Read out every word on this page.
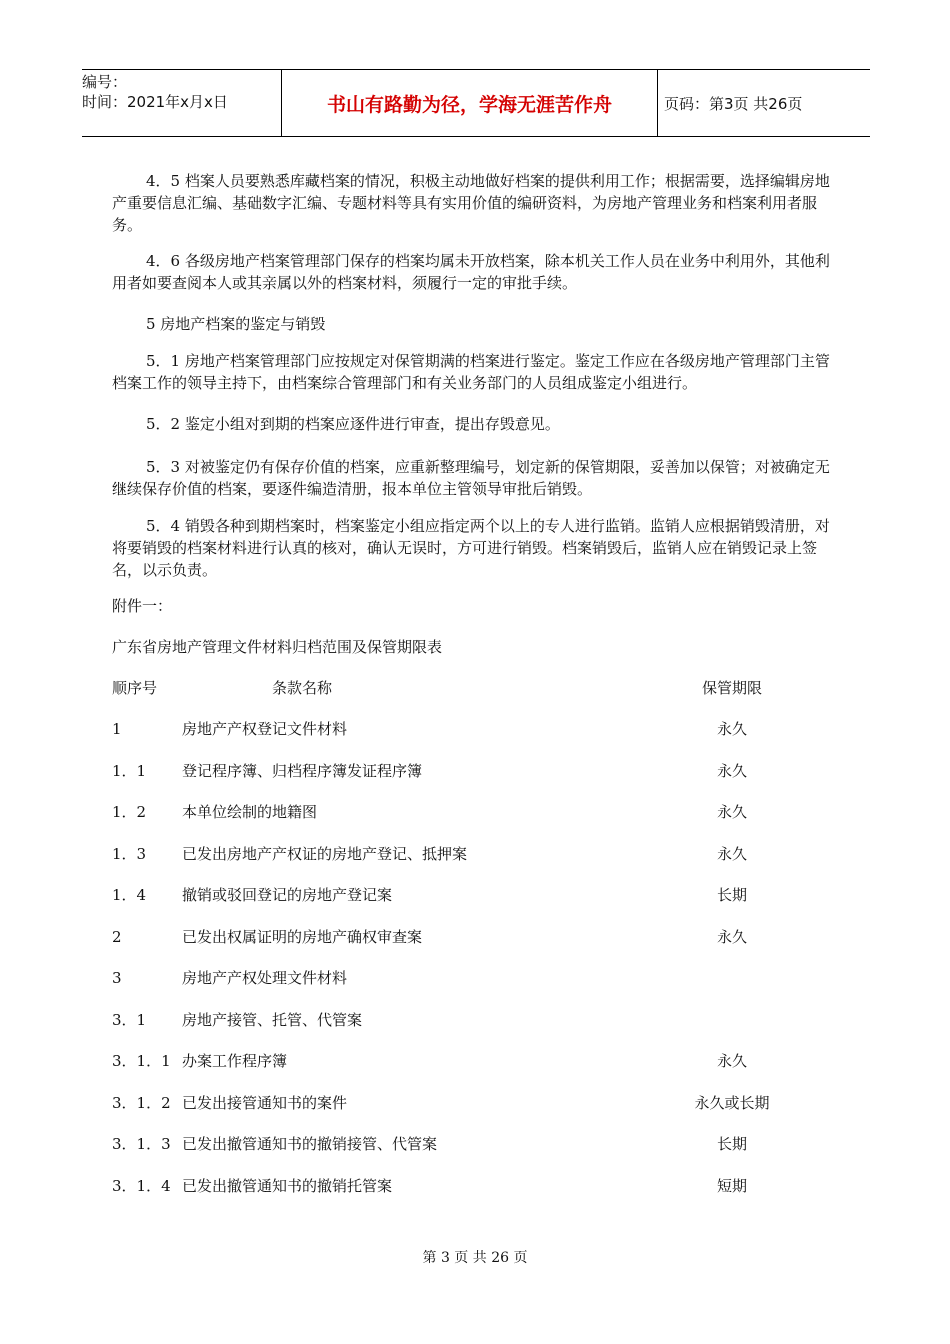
编号：
时间：2021年x月x日	书山有路勤为径，学海无涯苦作舟	页码：第3页 共26页

4．5 档案人员要熟悉库藏档案的情况，积极主动地做好档案的提供利用工作；根据需要，选择编辑房地产重要信息汇编、基础数字汇编、专题材料等具有实用价值的编研资料，为房地产管理业务和档案利用者服务。

4．6 各级房地产档案管理部门保存的档案均属未开放档案，除本机关工作人员在业务中利用外，其他利用者如要查阅本人或其亲属以外的档案材料，须履行一定的审批手续。

5 房地产档案的鉴定与销毁

5．1 房地产档案管理部门应按规定对保管期满的档案进行鉴定。鉴定工作应在各级房地产管理部门主管档案工作的领导主持下，由档案综合管理部门和有关业务部门的人员组成鉴定小组进行。

5．2 鉴定小组对到期的档案应逐件进行审查，提出存毁意见。

5．3 对被鉴定仍有保存价值的档案，应重新整理编号，划定新的保管期限，妥善加以保管；对被确定无继续保存价值的档案，要逐件编造清册，报本单位主管领导审批后销毁。

5．4 销毁各种到期档案时，档案鉴定小组应指定两个以上的专人进行监销。监销人应根据销毁清册，对将要销毁的档案材料进行认真的核对，确认无误时，方可进行销毁。档案销毁后，监销人应在销毁记录上签名，以示负责。

附件一：

广东省房地产管理文件材料归档范围及保管期限表

顺序号	条款名称	保管期限
1	房地产产权登记文件材料	永久
1．1 登记程序簿、归档程序簿发证程序簿	永久
1．2 本单位绘制的地籍图	永久
1．3 已发出房地产产权证的房地产登记、抵押案	永久
1．4 撤销或驳回登记的房地产登记案	长期
2	已发出权属证明的房地产确权审查案	永久
3	房地产产权处理文件材料
3．1 房地产接管、托管、代管案
3．1．1 办案工作程序簿	永久
3．1．2 已发出接管通知书的案件	永久或长期
3．1．3 已发出撤管通知书的撤销接管、代管案	长期
3．1．4 已发出撤管通知书的撤销托管案	短期
第 3 页 共 26 页
